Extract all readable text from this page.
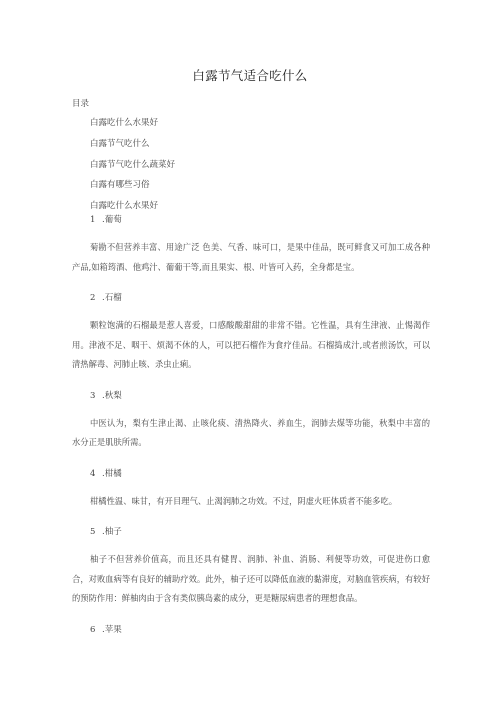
白露节气适合吃什么
目录
白露吃什么水果好
白露节气吃什么
白露节气吃什么蔬菜好
白露有哪些习俗
白露吃什么水果好

1 .葡萄

菊勘不但营养丰富、用途广泛 色美、气香、味可口，是果中佳品，既可鲜食又可加工成各种产品,如箱筠酒、他鸡汁、葡葡干等,而且果实、根、叶皆可入药，全身都是宝。

2 .石榴

颗粒饱满的石榴最是惹人喜爱，口感酸酸甜甜的非常不错。它性温，具有生津液、止惕渴作用。津液不足、咽干、烦渴不休的人，可以把石榴作为食疗佳品。石榴捣成汁,或者煎汤饮，可以清热解毒、河肺止咳、杀虫止痢。

3 .秋梨

中医认为，梨有生津止渴、止咳化痰、清热降火、养血生，润肺去煤等功能，秋梨中丰富的水分正是肌肤所需。

4 .柑橘

柑橘性温、味甘，有开目理气、止渴润肺之功效。不过，阴虚火旺体质者不能多吃。

5 .柚子

柚子不但营养价值高，而且还具有健胃、润肺、补血、消肠、利便等功效，可促进伤口愈合，对败血病等有良好的辅助疗效。此外，柚子还可以降低血液的黏滞度，对脑血管疾病，有较好的预防作用：鲜柚肉由于含有类似胰岛素的成分，更是糖尿病患者的理想食品。

6 .苹果
